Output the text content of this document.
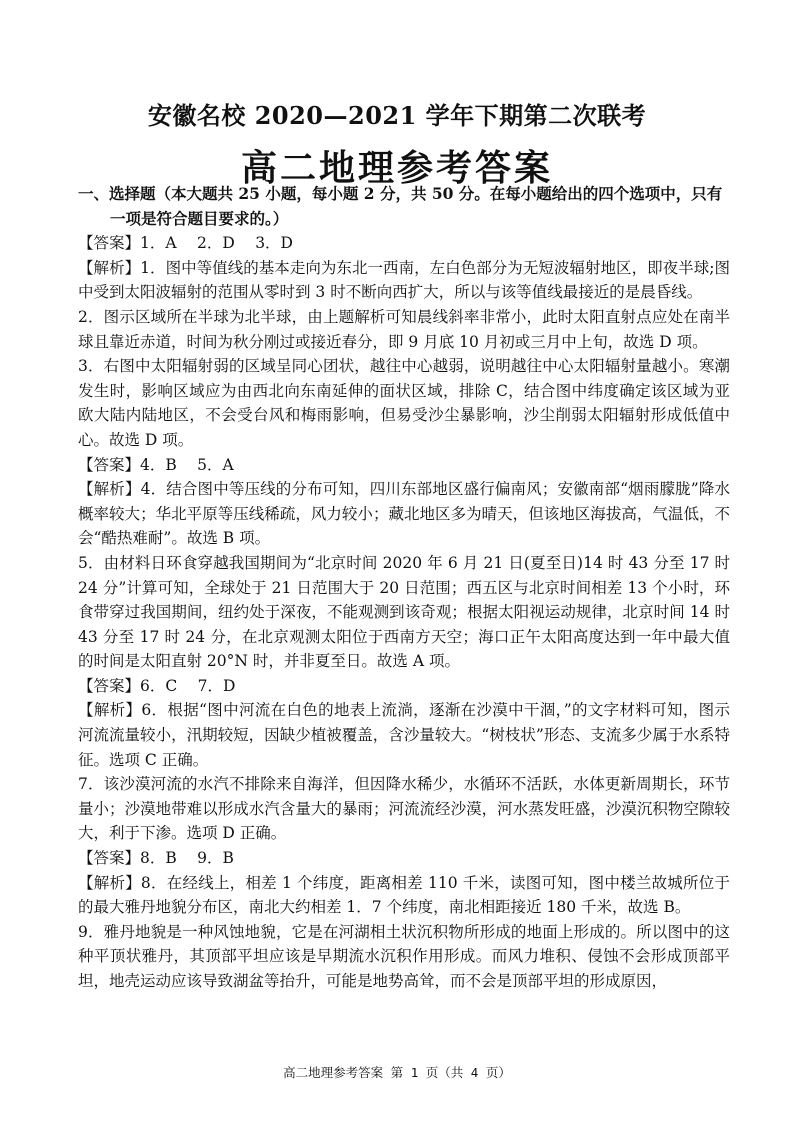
安徽名校 2020—2021 学年下期第二次联考
高二地理参考答案

一、选择题（本大题共 25 小题，每小题 2 分，共 50 分。在每小题给出的四个选项中，只有

一项是符合题目要求的。）

【答案】1．A　 2．D　 3．D

【解析】1．图中等值线的基本走向为东北一西南，左白色部分为无短波辐射地区，即夜半球;图中受到太阳波辐射的范围从零时到 3 时不断向西扩大，所以与该等值线最接近的是晨昏线。

2．图示区域所在半球为北半球，由上题解析可知晨线斜率非常小，此时太阳直射点应处在南半球且靠近赤道，时间为秋分刚过或接近春分，即 9 月底 10 月初或三月中上旬，故选 D 项。

3．右图中太阳辐射弱的区域呈同心团状，越往中心越弱，说明越往中心太阳辐射量越小。寒潮发生时，影响区域应为由西北向东南延伸的面状区域，排除 C，结合图中纬度确定该区域为亚欧大陆内陆地区，不会受台风和梅雨影响，但易受沙尘暴影响，沙尘削弱太阳辐射形成低值中心。故选 D 项。

【答案】4．B　 5．A

【解析】4．结合图中等压线的分布可知，四川东部地区盛行偏南风；安徽南部“烟雨朦胧”降水概率较大；华北平原等压线稀疏，风力较小；藏北地区多为晴天，但该地区海拔高，气温低，不会“酷热难耐”。故选 B 项。

5．由材料日环食穿越我国期间为“北京时间 2020 年 6 月 21 日(夏至日)14 时 43 分至 17 时 24 分”计算可知，全球处于 21 日范围大于 20 日范围；西五区与北京时间相差 13 个小时，环食带穿过我国期间，纽约处于深夜，不能观测到该奇观；根据太阳视运动规律，北京时间 14 时 43 分至 17 时 24 分，在北京观测太阳位于西南方天空；海口正午太阳高度达到一年中最大值的时间是太阳直射 20°N 时，并非夏至日。故选 A 项。

【答案】6．C　 7．D

【解析】6．根据“图中河流在白色的地表上流淌，逐渐在沙漠中干涸，”的文字材料可知，图示河流流量较小，汛期较短，因缺少植被覆盖，含沙量较大。“树枝状”形态、支流多少属于水系特征。选项 C 正确。

7．该沙漠河流的水汽不排除来自海洋，但因降水稀少，水循环不活跃，水体更新周期长，环节量小；沙漠地带难以形成水汽含量大的暴雨；河流流经沙漠，河水蒸发旺盛，沙漠沉积物空隙较大，利于下渗。选项 D 正确。

【答案】8．B　 9．B

【解析】8．在经线上，相差 1 个纬度，距离相差 110 千米，读图可知，图中楼兰故城所位于的最大雅丹地貌分布区，南北大约相差 1．7 个纬度，南北相距接近 180 千米，故选 B。

9．雅丹地貌是一种风蚀地貌，它是在河湖相土状沉积物所形成的地面上形成的。所以图中的这种平顶状雅丹，其顶部平坦应该是早期流水沉积作用形成。而风力堆积、侵蚀不会形成顶部平坦，地壳运动应该导致湖盆等抬升，可能是地势高耸，而不会是顶部平坦的形成原因，

高二地理参考答案 第 1 页（共 4 页）
